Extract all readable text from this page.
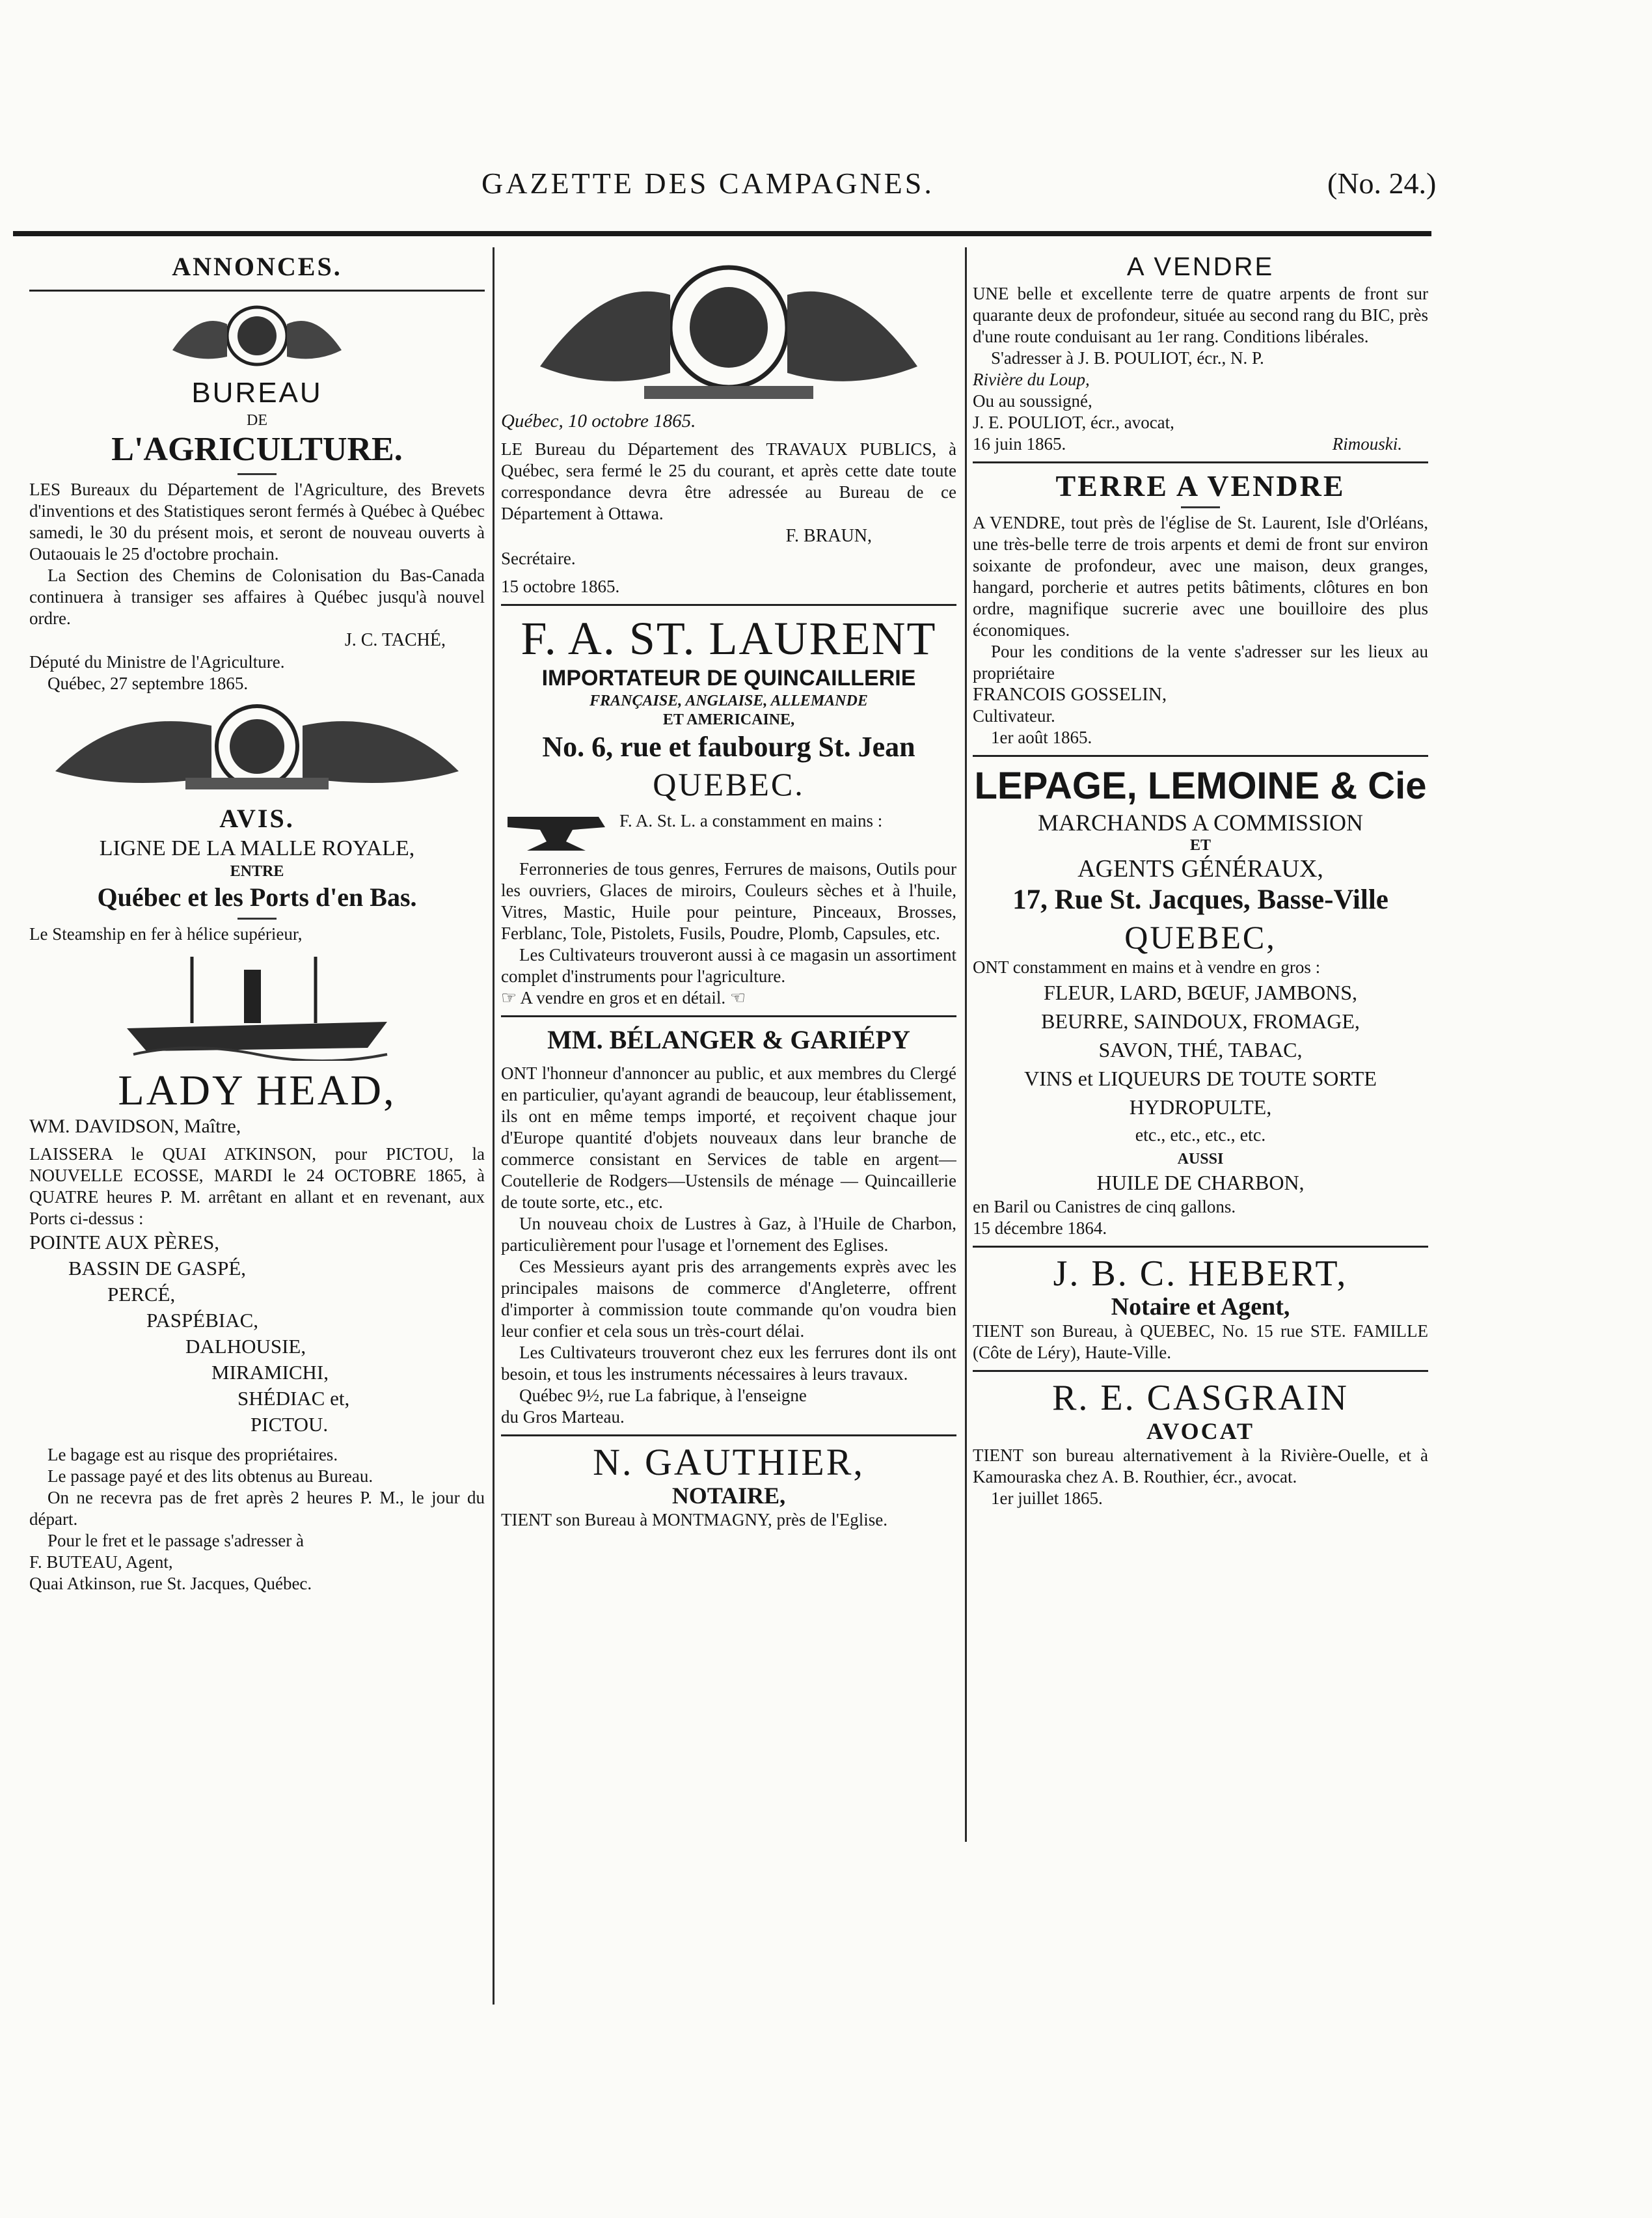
GAZETTE DES CAMPAGNES.	(No. 24.)
ANNONCES.
BUREAU
DE
L'AGRICULTURE.

LES Bureaux du Département de l'Agriculture, des Brevets d'inventions et des Statistiques seront fermés à Québec à Québec samedi, le 30 du présent mois, et seront de nouveau ouverts à Outaouais le 25 d'octobre prochain.

La Section des Chemins de Colonisation du Bas-Canada continuera à transiger ses affaires à Québec jusqu'à nouvel ordre.

J. C. TACHÉ,
Député du Ministre de l'Agriculture.
Québec, 27 septembre 1865.
AVIS.
LIGNE DE LA MALLE ROYALE,
ENTRE
Québec et les Ports d'en Bas.
Le Steamship en fer à hélice supérieur,
LADY HEAD,
WM. DAVIDSON, Maître,

LAISSERA le QUAI ATKINSON, pour PICTOU, la NOUVELLE ECOSSE, MARDI le 24 OCTOBRE 1865, à QUATRE heures P. M. arrêtant en allant et en revenant, aux Ports ci-dessus :

POINTE AUX PÈRES,
BASSIN DE GASPÉ,
PERCÉ,
PASPÉBIAC,
DALHOUSIE,
MIRAMICHI,
SHÉDIAC et,
PICTOU.

Le bagage est au risque des propriétaires.

Le passage payé et des lits obtenus au Bureau.

On ne recevra pas de fret après 2 heures P. M., le jour du départ.

Pour le fret et le passage s'adresser à

F. BUTEAU, Agent,
Quai Atkinson, rue St. Jacques, Québec.
Québec, 10 octobre 1865.

LE Bureau du Département des TRAVAUX PUBLICS, à Québec, sera fermé le 25 du courant, et après cette date toute correspondance devra être adressée au Bureau de ce Département à Ottawa.

F. BRAUN,
Secrétaire.
15 octobre 1865.
F. A. ST. LAURENT
IMPORTATEUR DE QUINCAILLERIE
FRANÇAISE, ANGLAISE, ALLEMANDE
ET AMERICAINE,
No. 6, rue et faubourg St. Jean
QUEBEC.
F. A. St. L. a constamment en mains :

Ferronneries de tous genres, Ferrures de maisons, Outils pour les ouvriers, Glaces de miroirs, Couleurs sèches et à l'huile, Vitres, Mastic, Huile pour peinture, Pinceaux, Brosses, Ferblanc, Tole, Pistolets, Fusils, Poudre, Plomb, Capsules, etc.

Les Cultivateurs trouveront aussi à ce magasin un assortiment complet d'instruments pour l'agriculture.

☞ A vendre en gros et en détail. ☜
MM. BÉLANGER & GARIÉPY

ONT l'honneur d'annoncer au public, et aux membres du Clergé en particulier, qu'ayant agrandi de beaucoup, leur établissement, ils ont en même temps importé, et reçoivent chaque jour d'Europe quantité d'objets nouveaux dans leur branche de commerce consistant en Services de table en argent—Coutellerie de Rodgers—Ustensils de ménage — Quincaillerie de toute sorte, etc., etc.

Un nouveau choix de Lustres à Gaz, à l'Huile de Charbon, particulièrement pour l'usage et l'ornement des Eglises.

Ces Messieurs ayant pris des arrangements exprès avec les principales maisons de commerce d'Angleterre, offrent d'importer à commission toute commande qu'on voudra bien leur confier et cela sous un très-court délai.

Les Cultivateurs trouveront chez eux les ferrures dont ils ont besoin, et tous les instruments nécessaires à leurs travaux.

Québec 9½, rue La fabrique, à l'enseigne
du Gros Marteau.
N. GAUTHIER,
NOTAIRE,

TIENT son Bureau à MONTMAGNY, près de l'Eglise.

A VENDRE

UNE belle et excellente terre de quatre arpents de front sur quarante deux de profondeur, située au second rang du BIC, près d'une route conduisant au 1er rang. Conditions libérales.

S'adresser à J. B. POULIOT, écr., N. P.
Rivière du Loup,
Ou au soussigné,
J. E. POULIOT, écr., avocat,
16 juin 1865.	Rimouski.
TERRE A VENDRE

A VENDRE, tout près de l'église de St. Laurent, Isle d'Orléans, une très-belle terre de trois arpents et demi de front sur environ soixante de profondeur, avec une maison, deux granges, hangard, porcherie et autres petits bâtiments, clôtures en bon ordre, magnifique sucrerie avec une bouilloire des plus économiques.

Pour les conditions de la vente s'adresser sur les lieux au propriétaire

FRANCOIS GOSSELIN,
Cultivateur.
1er août 1865.
LEPAGE, LEMOINE & Cie
MARCHANDS A COMMISSION
ET
AGENTS GÉNÉRAUX,
17, Rue St. Jacques, Basse-Ville
QUEBEC,

ONT constamment en mains et à vendre en gros :

FLEUR, LARD, BŒUF, JAMBONS,
BEURRE, SAINDOUX, FROMAGE,
SAVON, THÉ, TABAC,
VINS et LIQUEURS DE TOUTE SORTE
HYDROPULTE,
etc., etc., etc., etc.
AUSSI
HUILE DE CHARBON,
en Baril ou Canistres de cinq gallons.
15 décembre 1864.
J. B. C. HEBERT,
Notaire et Agent,

TIENT son Bureau, à QUEBEC, No. 15 rue STE. FAMILLE (Côte de Léry), Haute-Ville.

R. E. CASGRAIN
AVOCAT

TIENT son bureau alternativement à la Rivière-Ouelle, et à Kamouraska chez A. B. Routhier, écr., avocat.

1er juillet 1865.
